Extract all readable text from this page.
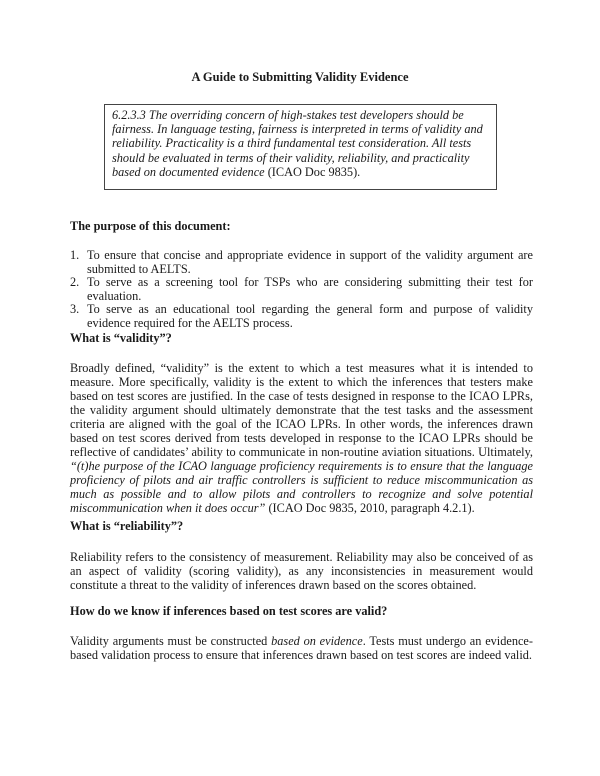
A Guide to Submitting Validity Evidence

6.2.3.3 The overriding concern of high-stakes test developers should be fairness. In language testing, fairness is interpreted in terms of validity and reliability. Practicality is a third fundamental test consideration. All tests should be evaluated in terms of their validity, reliability, and practicality based on documented evidence (ICAO Doc 9835).

The purpose of this document:
1. To ensure that concise and appropriate evidence in support of the validity argument are submitted to AELTS.
2. To serve as a screening tool for TSPs who are considering submitting their test for evaluation.
3. To serve as an educational tool regarding the general form and purpose of validity evidence required for the AELTS process.
What is “validity”?

Broadly defined, “validity” is the extent to which a test measures what it is intended to measure. More specifically, validity is the extent to which the inferences that testers make based on test scores are justified. In the case of tests designed in response to the ICAO LPRs, the validity argument should ultimately demonstrate that the test tasks and the assessment criteria are aligned with the goal of the ICAO LPRs. In other words, the inferences drawn based on test scores derived from tests developed in response to the ICAO LPRs should be reflective of candidates’ ability to communicate in non-routine aviation situations. Ultimately, “(t)he purpose of the ICAO language proficiency requirements is to ensure that the language proficiency of pilots and air traffic controllers is sufficient to reduce miscommunication as much as possible and to allow pilots and controllers to recognize and solve potential miscommunication when it does occur” (ICAO Doc 9835, 2010, paragraph 4.2.1).

What is “reliability”?

Reliability refers to the consistency of measurement. Reliability may also be conceived of as an aspect of validity (scoring validity), as any inconsistencies in measurement would constitute a threat to the validity of inferences drawn based on the scores obtained.

How do we know if inferences based on test scores are valid?

Validity arguments must be constructed based on evidence. Tests must undergo an evidence-based validation process to ensure that inferences drawn based on test scores are indeed valid.
